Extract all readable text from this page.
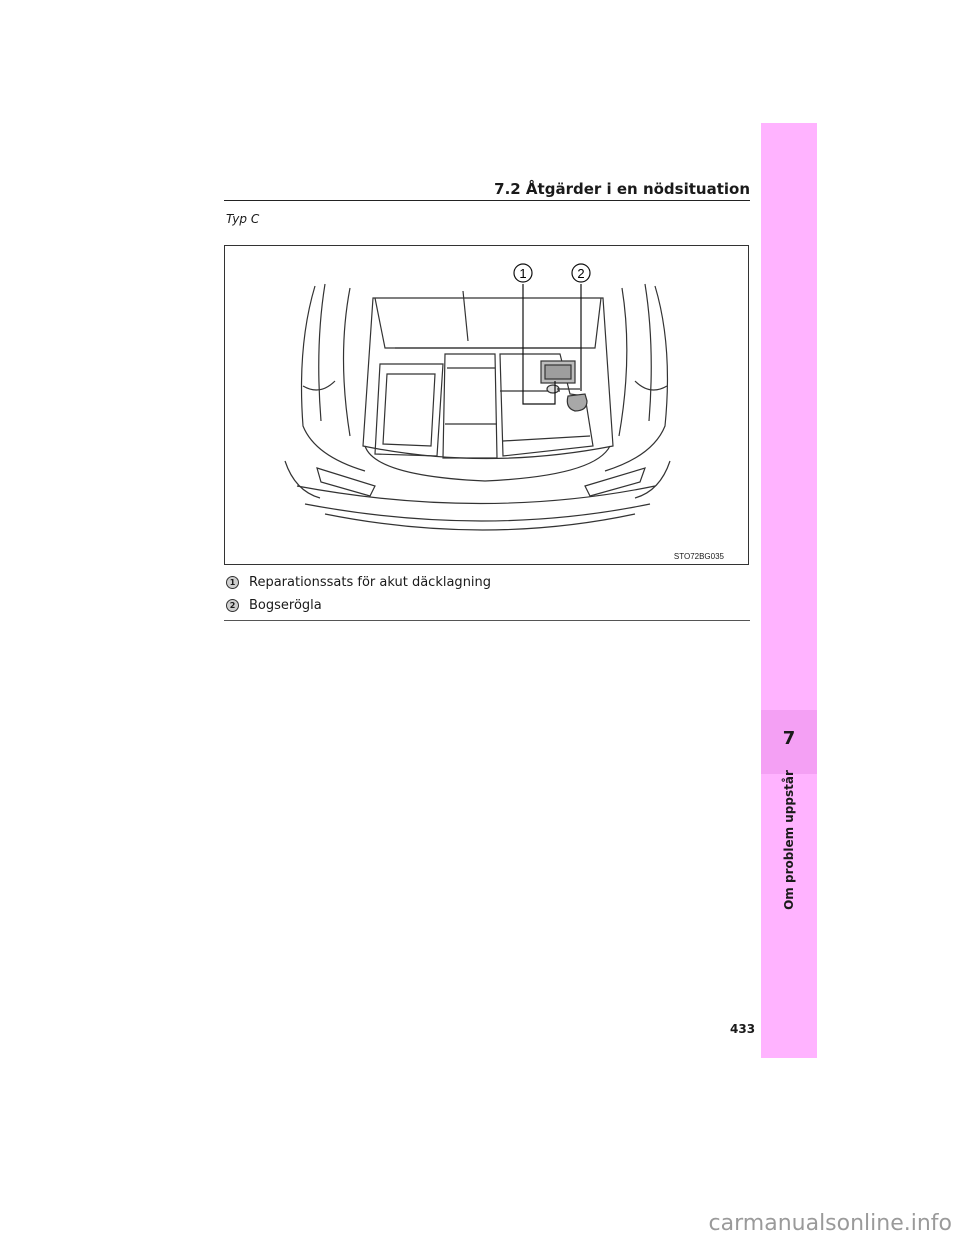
7
Om problem uppstår
7.2 Åtgärder i en nödsituation
Typ C
1	2
STO72BG035
1 Reparationssats för akut däcklagning
2 Bogserögla
433
carmanualsonline.info
